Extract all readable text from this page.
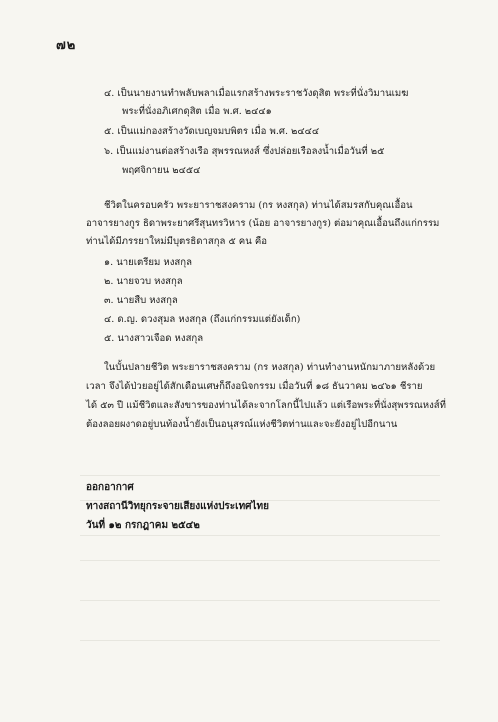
๗๒
๔. เป็นนายงานทำพลับพลาเมื่อแรกสร้างพระราชวังดุสิต พระที่นั่งวิมานเมฆ
พระที่นั่งอภิเศกดุสิต เมื่อ พ.ศ. ๒๔๔๑
๕. เป็นแม่กองสร้างวัดเบญจมบพิตร เมื่อ พ.ศ. ๒๔๔๔
๖. เป็นแม่งานต่อสร้างเรือ สุพรรณหงส์ ซึ่งปล่อยเรือลงน้ำเมื่อวันที่ ๒๕
พฤศจิกายน ๒๔๕๔
ชีวิตในครอบครัว พระยาราชสงคราม (กร หงสกุล) ท่านได้สมรสกับคุณเอื้อน
อาจารยางกูร ธิดาพระยาศรีสุนทรวิหาร (น้อย อาจารยางกูร) ต่อมาคุณเอื้อนถึงแก่กรรม
ท่านได้มีภรรยาใหม่มีบุตรธิดาสกุล ๕ คน คือ
๑. นายเตรียม หงสกุล
๒. นายจวบ หงสกุล
๓. นายสืบ หงสกุล
๔. ด.ญ. ดวงสุมล หงสกุล (ถึงแก่กรรมแต่ยังเด็ก)
๕. นางสาวเจือด หงสกุล
ในบั้นปลายชีวิต พระยาราชสงคราม (กร หงสกุล) ท่านทำงานหนักมาภายหลังด้วย
เวลา จึงได้ป่วยอยู่ได้สักเดือนเศษก็ถึงอนิจกรรม เมื่อวันที่ ๑๘ ธันวาคม ๒๔๖๑ ชีราย
ได้ ๕๓ ปี แม้ชีวิตและสังขารของท่านได้ละจากโลกนี้ไปแล้ว แต่เรือพระที่นั่งสุพรรณหงส์ที่
ต้องลอยผงาดอยู่บนท้องน้ำยังเป็นอนุสรณ์แห่งชีวิตท่านและจะยังอยู่ไปอีกนาน
ออกอากาศ
ทางสถานีวิทยุกระจายเสียงแห่งประเทศไทย
วันที่ ๑๒ กรกฎาคม ๒๕๔๒
